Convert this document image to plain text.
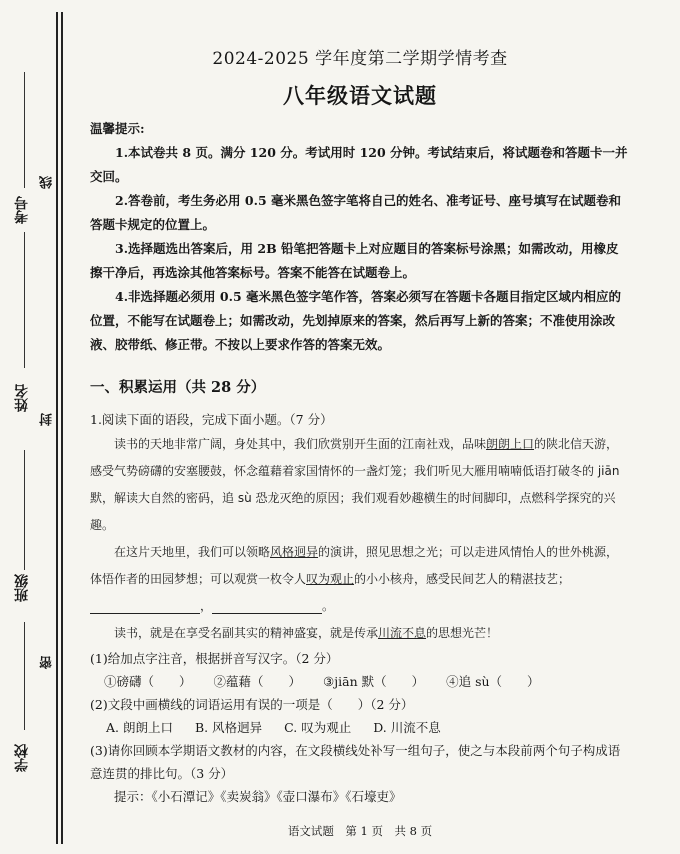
考号
线
姓名
封
班级
密
学校
2024-2025 学年度第二学期学情考查
八年级语文试题
温馨提示:
1.本试卷共 8 页。满分 120 分。考试用时 120 分钟。考试结束后，将试题卷和答题卡一并交回。
2.答卷前，考生务必用 0.5 毫米黑色签字笔将自己的姓名、准考证号、座号填写在试题卷和答题卡规定的位置上。
3.选择题选出答案后，用 2B 铅笔把答题卡上对应题目的答案标号涂黑；如需改动，用橡皮擦干净后，再选涂其他答案标号。答案不能答在试题卷上。
4.非选择题必须用 0.5 毫米黑色签字笔作答，答案必须写在答题卡各题目指定区域内相应的位置，不能写在试题卷上；如需改动，先划掉原来的答案，然后再写上新的答案；不准使用涂改液、胶带纸、修正带。不按以上要求作答的答案无效。
一、积累运用（共 28 分）
1.阅读下面的语段，完成下面小题。（7 分）
读书的天地非常广阔，身处其中，我们欣赏别开生面的江南社戏，品味朗朗上口的陕北信天游，感受气势磅礴的安塞腰鼓，怀念蕴藉着家国情怀的一盏灯笼；我们听见大雁用喃喃低语打破冬的 jiān 默，解读大自然的密码，追 sù 恐龙灭绝的原因；我们观看妙趣横生的时间脚印，点燃科学探究的兴趣。
在这片天地里，我们可以领略风格迥异的演讲，照见思想之光；可以走进风情怡人的世外桃源，体悟作者的田园梦想；可以观赏一枚令人叹为观止的小小核舟，感受民间艺人的精湛技艺；，	。
读书，就是在享受名副其实的精神盛宴，就是传承川流不息的思想光芒！
(1)给加点字注音，根据拼音写汉字。（2 分）
①磅礴（　　） ②蕴藉（　　） ③jiān 默（　　） ④追 sù（　　）
(2)文段中画横线的词语运用有误的一项是（　　）（2 分）
A. 朗朗上口 B. 风格迥异 C. 叹为观止 D. 川流不息
(3)请你回顾本学期语文教材的内容，在文段横线处补写一组句子，使之与本段前两个句子构成语意连贯的排比句。（3 分）
提示：《小石潭记》《卖炭翁》《壶口瀑布》《石壕吏》
语文试题　第 1 页　共 8 页
